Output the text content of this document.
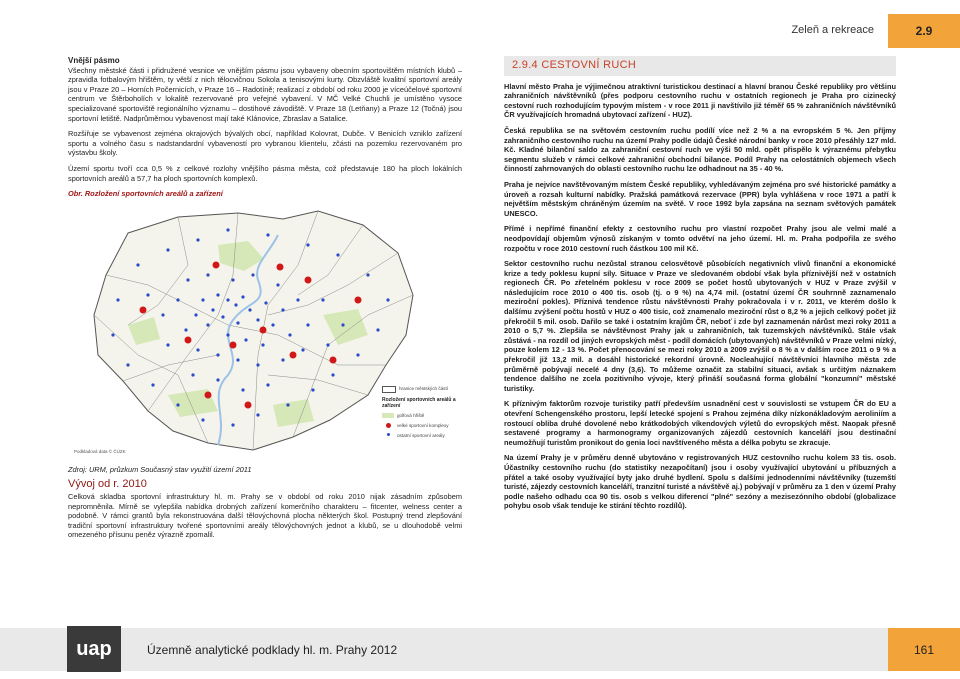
Zeleň a rekreace	2.9

Vnější pásmo

Všechny městské části i přidružené vesnice ve vnějším pásmu jsou vybaveny obecním sportovištěm místních klubů – zpravidla fotbalovým hřištěm, ty větší z nich tělocvičnou Sokola a tenisovými kurty. Obzvláště kvalitní sportovní areály jsou v Praze 20 – Horních Počernicích, v Praze 16 – Radotíně; realizací z období od roku 2000 je víceúčelové sportovní centrum ve Štěrboholích v lokalitě rezervované pro veřejné vybavení. V MČ Velké Chuchli je umístěno vysoce specializované sportoviště regionálního významu – dostihové závodiště. V Praze 18 (Letňany) a Praze 12 (Točná) jsou sportovní letiště. Nadprůměrnou vybavenost mají také Klánovice, Zbraslav a Satalice.

Rozšiřuje se vybavenost zejména okrajových bývalých obcí, například Kolovrat, Dubče. V Benicích vzniklo zařízení sportu a volného času s nadstandardní vybaveností pro vybranou klientelu, zčásti na pozemku rezervovaném pro výstavbu školy.

Území sportu tvoří cca 0,5 % z celkové rozlohy vnějšího pásma města, což představuje 180 ha ploch lokálních sportovních areálů a 57,7 ha ploch sportovních komplexů.

Obr. Rozložení sportovních areálů a zařízení
hranice městských částí
Rozložení sportovních areálů a zařízení
golfová hřiště
velké sportovní komplexy
ostatní sportovní areály
Podkladová data © ČÚZK
Zdroj: URM, průzkum Současný stav využití území 2011
Vývoj od r. 2010

Celková skladba sportovní infrastruktury hl. m. Prahy se v období od roku 2010 nijak zásadním způsobem nepromněnila. Mírně se vylepšila nabídka drobných zařízení komerčního charakteru – fitcenter, welness center a podobně. V rámci grantů byla rekonstruována další tělovýchovná plocha některých škol. Postupný trend zlepšování tradiční sportovní infrastruktury tvořené sportovními areály tělovýchovných jednot a klubů, se u dlouhodobě velmi omezeného přísunu peněz výrazně zpomalil.

2.9.4 CESTOVNÍ RUCH

Hlavní město Praha je výjimečnou atraktivní turistickou destinací a hlavní branou České republiky pro většinu zahraničních návštěvníků (přes podporu cestovního ruchu v ostatních regionech je Praha pro cizinecký cestovní ruch rozhodujícím typovým místem - v roce 2011 ji navštívilo již téměř 65 % zahraničních návštěvníků ČR využívajících hromadná ubytovací zařízení - HUZ).

Česká republika se na světovém cestovním ruchu podílí více než 2 % a na evropském 5 %. Jen příjmy zahraničního cestovního ruchu na území Prahy podle údajů České národní banky v roce 2010 přesáhly 127 mld. Kč. Kladné bilanční saldo za zahraniční cestovní ruch ve výši 50 mld. opět přispělo k výraznému přebytku segmentu služeb v rámci celkové zahraniční obchodní bilance. Podíl Prahy na celostátních objemech všech činností zahrnovaných do oblasti cestovního ruchu lze odhadnout na 35 - 40 %.

Praha je nejvíce navštěvovaným místem České republiky, vyhledávaným zejména pro své historické památky a úroveň a rozsah kulturní nabídky. Pražská památková rezervace (PPR) byla vyhlášena v roce 1971 a patří k největším městským chráněným územím na světě. V roce 1992 byla zapsána na seznam světových památek UNESCO.

Přímé i nepřímé finanční efekty z cestovního ruchu pro vlastní rozpočet Prahy jsou ale velmi malé a neodpovídají objemům výnosů získaným v tomto odvětví na jeho území. Hl. m. Praha podpořila ze svého rozpočtu v roce 2010 cestovní ruch částkou 100 mil Kč.

Sektor cestovního ruchu nezůstal stranou celosvětově působících negativních vlivů finanční a ekonomické krize a tedy poklesu kupní síly. Situace v Praze ve sledovaném období však byla příznivější než v ostatních regionech ČR. Po zřetelném poklesu v roce 2009 se počet hostů ubytovaných v HUZ v Praze zvýšil v následujícím roce 2010 o 400 tis. osob (tj. o 9 %) na 4,74 mil. (ostatní území ČR souhrnně zaznamenalo meziroční pokles). Příznivá tendence růstu návštěvnosti Prahy pokračovala i v r. 2011, ve kterém došlo k dalšímu zvýšení počtu hostů v HUZ o 400 tisíc, což znamenalo meziroční růst o 8,2 % a jejich celkový počet již překročil 5 mil. osob. Dařilo se také i ostatním krajům ČR, neboť i zde byl zaznamenán nárůst mezi roky 2011 a 2010 o 5,7 %. Zlepšila se návštěvnost Prahy jak u zahraničních, tak tuzemských návštěvníků. Stále však zůstává - na rozdíl od jiných evropských měst - podíl domácích (ubytovaných) návštěvníků v Praze velmi nízký, pouze kolem 12 - 13 %. Počet přenocování se mezi roky 2010 a 2009 zvýšil o 8 % a v dalším roce 2011 o 9 % a překročil již 13,2 mil. a dosáhl historické rekordní úrovně. Nocleahující návštěvníci hlavního města zde průměrně pobývají necelé 4 dny (3,6). To můžeme označit za stabilní situaci, avšak s určitým náznakem tendence dalšího ne zcela pozitivního vývoje, který přináší současná forma globální "konzumní" městské turistiky.

K příznivým faktorům rozvoje turistiky patří především usnadnění cest v souvislosti se vstupem ČR do EU a otevření Schengenského prostoru, lepší letecké spojení s Prahou zejména díky nízkonákladovým aeroliniím a rostoucí obliba druhé dovolené nebo krátkodobých víkendových výletů do evropských měst. Naopak přesně sestavené programy a harmonogramy organizovaných zájezdů cestovních kanceláří jsou destinační neumožňují turistům pronikout do genia loci navštíveného města a délka pobytu se zkracuje.

Na území Prahy je v průměru denně ubytováno v registrovaných HUZ cestovního ruchu kolem 33 tis. osob. Účastníky cestovního ruchu (do statistiky nezapočítaní) jsou i osoby využívající ubytování u příbuzných a přátel a také osoby využívající byty jako druhé bydlení. Spolu s dalšími jednodenními návštěvníky (tuzemští turisté, zájezdy cestovních kanceláří, tranzitní turisté a návštěvě aj.) pobývají v průměru za 1 den v území Prahy podle našeho odhadu cca 90 tis. osob s velkou diferencí "plné" sezóny a mezisezónního období (globalizace pohybu osob však tenduje ke stírání těchto rozdílů).

uap	Územně analytické podklady hl. m. Prahy 2012	161
